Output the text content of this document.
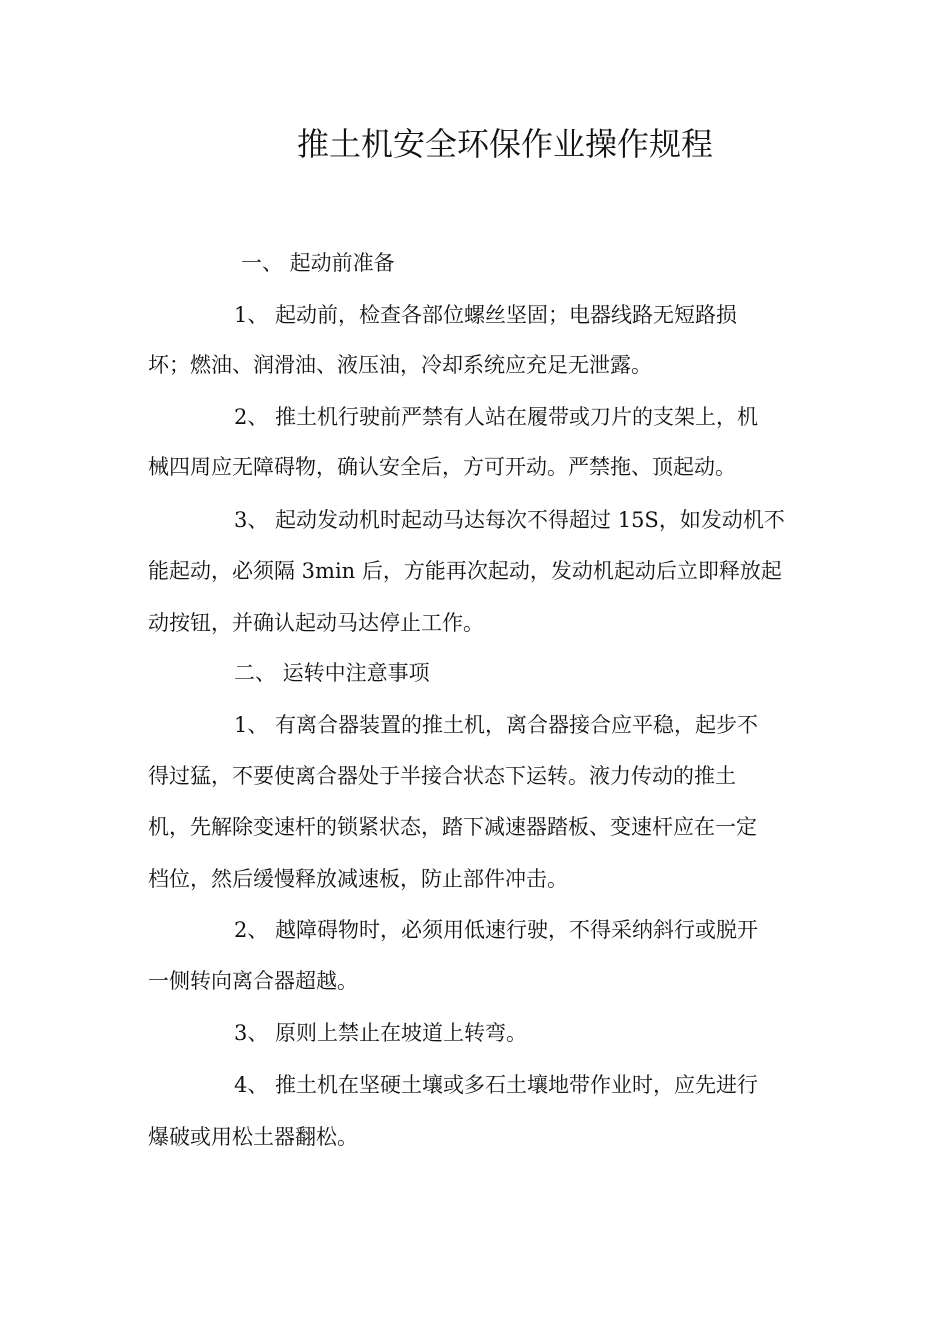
推土机安全环保作业操作规程
一、 起动前准备
1、 起动前，检查各部位螺丝坚固；电器线路无短路损
坏；燃油、润滑油、液压油，冷却系统应充足无泄露。
2、 推土机行驶前严禁有人站在履带或刀片的支架上，机
械四周应无障碍物，确认安全后，方可开动。严禁拖、顶起动。
3、 起动发动机时起动马达每次不得超过 15S，如发动机不
能起动，必须隔 3min 后，方能再次起动，发动机起动后立即释放起
动按钮，并确认起动马达停止工作。
二、 运转中注意事项
1、 有离合器装置的推土机，离合器接合应平稳，起步不
得过猛，不要使离合器处于半接合状态下运转。液力传动的推土
机，先解除变速杆的锁紧状态，踏下减速器踏板、变速杆应在一定
档位，然后缓慢释放减速板，防止部件冲击。
2、 越障碍物时，必须用低速行驶，不得采纳斜行或脱开
一侧转向离合器超越。
3、 原则上禁止在坡道上转弯。
4、 推土机在坚硬土壤或多石土壤地带作业时，应先进行
爆破或用松土器翻松。
